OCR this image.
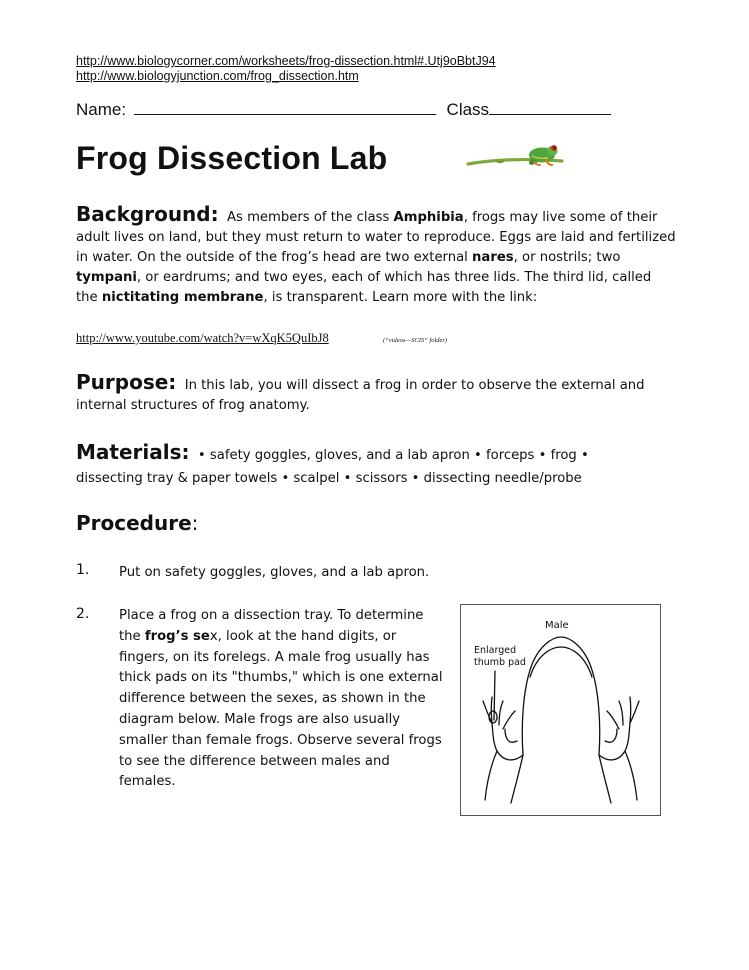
http://www.biologycorner.com/worksheets/frog-dissection.html#.Utj9oBbtJ94
http://www.biologyjunction.com/frog_dissection.htm
Name:	Class
Frog Dissection Lab
Background: As members of the class Amphibia, frogs may live some of their adult lives on land, but they must return to water to reproduce. Eggs are laid and fertilized in water. On the outside of the frog’s head are two external nares, or nostrils; two tympani, or eardrums; and two eyes, each of which has three lids. The third lid, called the nictitating membrane, is transparent. Learn more with the link:
http://www.youtube.com/watch?v=wXqK5QuIbJ8	(“videos—SCIS” folder)
Purpose: In this lab, you will dissect a frog in order to observe the external and internal structures of frog anatomy.
Materials: • safety goggles, gloves, and a lab apron • forceps • frog •
dissecting tray & paper towels • scalpel • scissors • dissecting needle/probe
Procedure:
1. Put on safety goggles, gloves, and a lab apron.
2. Place a frog on a dissection tray. To determine the frog’s sex, look at the hand digits, or fingers, on its forelegs. A male frog usually has thick pads on its "thumbs," which is one external difference between the sexes, as shown in the diagram below. Male frogs are also usually smaller than female frogs. Observe several frogs to see the difference between males and females.
Male
Enlarged
thumb pad
